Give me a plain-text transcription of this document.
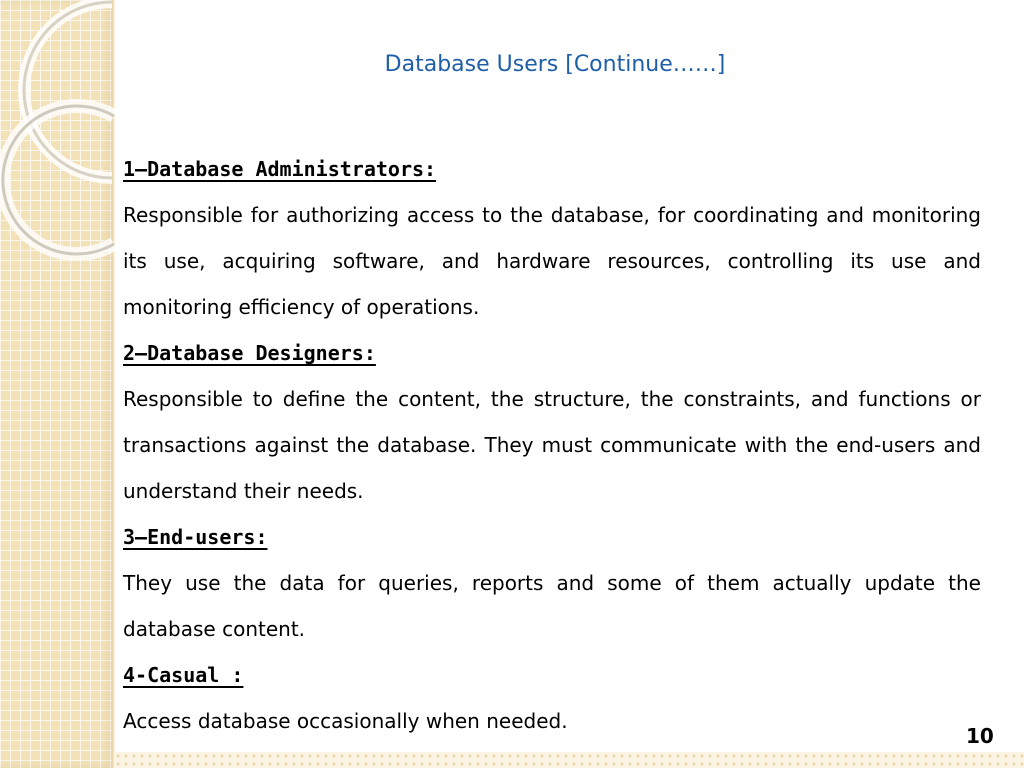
Database Users [Continue……]
1–Database Administrators:

Responsible for authorizing access to the database, for coordinating and monitoring its use, acquiring software, and hardware resources, controlling its use and monitoring efficiency of operations.

2–Database Designers:

Responsible to define the content, the structure, the constraints, and functions or transactions against the database. They must communicate with the end-users and understand their needs.

3–End-users:

They use the data for queries, reports and some of them actually update the database content.

4-Casual :

Access database occasionally when needed.

10
